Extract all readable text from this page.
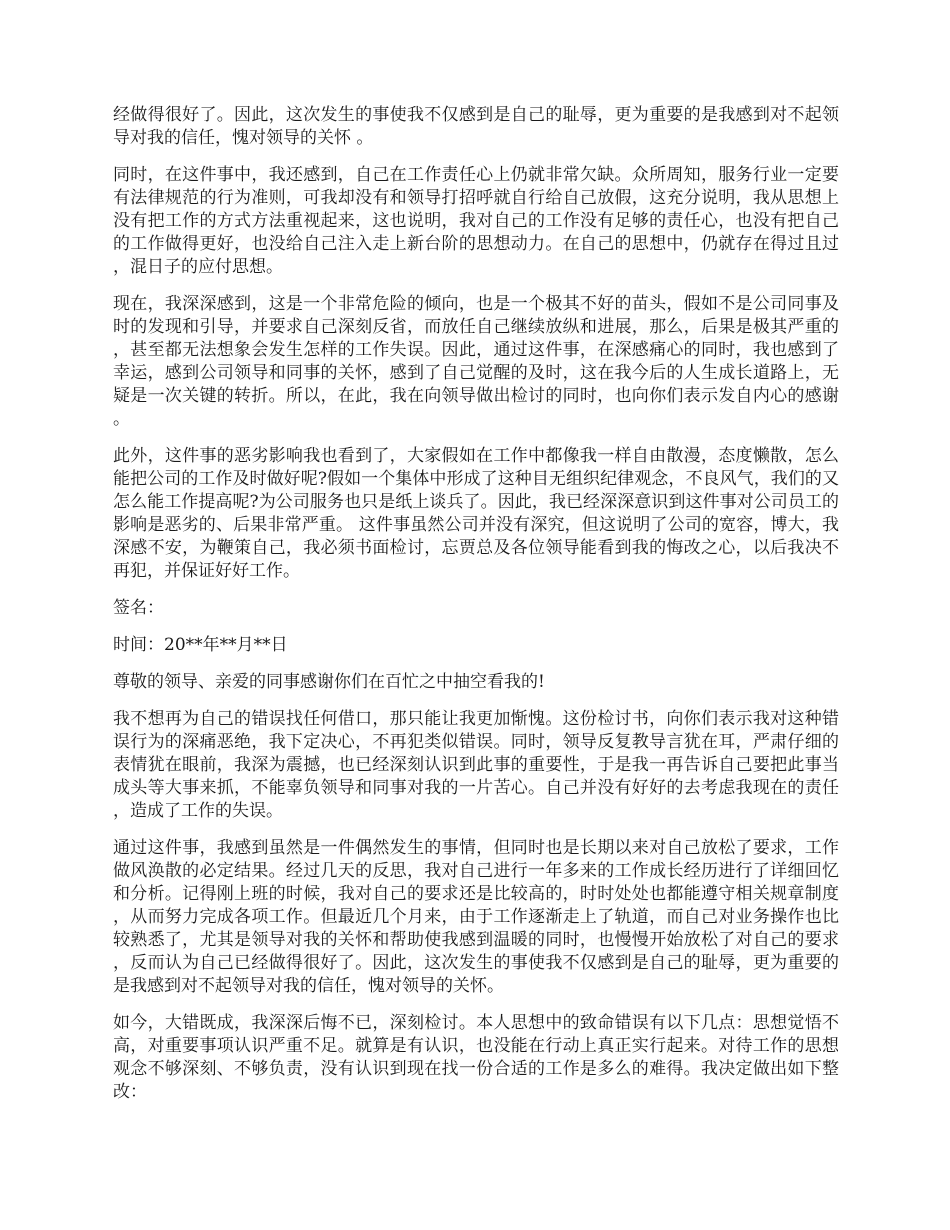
经做得很好了。因此，这次发生的事使我不仅感到是自己的耻辱，更为重要的是我感到对不起领导对我的信任，愧对领导的关怀 。

同时，在这件事中，我还感到，自己在工作责任心上仍就非常欠缺。众所周知，服务行业一定要有法律规范的行为准则，可我却没有和领导打招呼就自行给自己放假，这充分说明，我从思想上没有把工作的方式方法重视起来，这也说明，我对自己的工作没有足够的责任心，也没有把自己的工作做得更好，也没给自己注入走上新台阶的思想动力。在自己的思想中，仍就存在得过且过，混日子的应付思想。

现在，我深深感到，这是一个非常危险的倾向，也是一个极其不好的苗头，假如不是公司同事及时的发现和引导，并要求自己深刻反省，而放任自己继续放纵和进展，那么，后果是极其严重的，甚至都无法想象会发生怎样的工作失误。因此，通过这件事，在深感痛心的同时，我也感到了幸运，感到公司领导和同事的关怀，感到了自己觉醒的及时，这在我今后的人生成长道路上，无疑是一次关键的转折。所以，在此，我在向领导做出检讨的同时，也向你们表示发自内心的感谢。

此外，这件事的恶劣影响我也看到了，大家假如在工作中都像我一样自由散漫，态度懒散，怎么能把公司的工作及时做好呢?假如一个集体中形成了这种目无组织纪律观念，不良风气，我们的又怎么能工作提高呢?为公司服务也只是纸上谈兵了。因此，我已经深深意识到这件事对公司员工的影响是恶劣的、后果非常严重。 这件事虽然公司并没有深究，但这说明了公司的宽容，博大，我深感不安，为鞭策自己，我必须书面检讨，忘贾总及各位领导能看到我的悔改之心，以后我决不再犯，并保证好好工作。

签名：

时间：20**年**月**日

尊敬的领导、亲爱的同事感谢你们在百忙之中抽空看我的!

我不想再为自己的错误找任何借口，那只能让我更加惭愧。这份检讨书，向你们表示我对这种错误行为的深痛恶绝，我下定决心，不再犯类似错误。同时，领导反复教导言犹在耳，严肃仔细的表情犹在眼前，我深为震撼，也已经深刻认识到此事的重要性，于是我一再告诉自己要把此事当成头等大事来抓，不能辜负领导和同事对我的一片苦心。自己并没有好好的去考虑我现在的责任，造成了工作的失误。

通过这件事，我感到虽然是一件偶然发生的事情，但同时也是长期以来对自己放松了要求，工作做风涣散的必定结果。经过几天的反思，我对自己进行一年多来的工作成长经历进行了详细回忆和分析。记得刚上班的时候，我对自己的要求还是比较高的，时时处处也都能遵守相关规章制度，从而努力完成各项工作。但最近几个月来，由于工作逐渐走上了轨道，而自己对业务操作也比较熟悉了，尤其是领导对我的关怀和帮助使我感到温暖的同时，也慢慢开始放松了对自己的要求，反而认为自己已经做得很好了。因此，这次发生的事使我不仅感到是自己的耻辱，更为重要的是我感到对不起领导对我的信任，愧对领导的关怀。

如今，大错既成，我深深后悔不已，深刻检讨。本人思想中的致命错误有以下几点：思想觉悟不高，对重要事项认识严重不足。就算是有认识，也没能在行动上真正实行起来。对待工作的思想观念不够深刻、不够负责，没有认识到现在找一份合适的工作是多么的难得。我决定做出如下整改：
